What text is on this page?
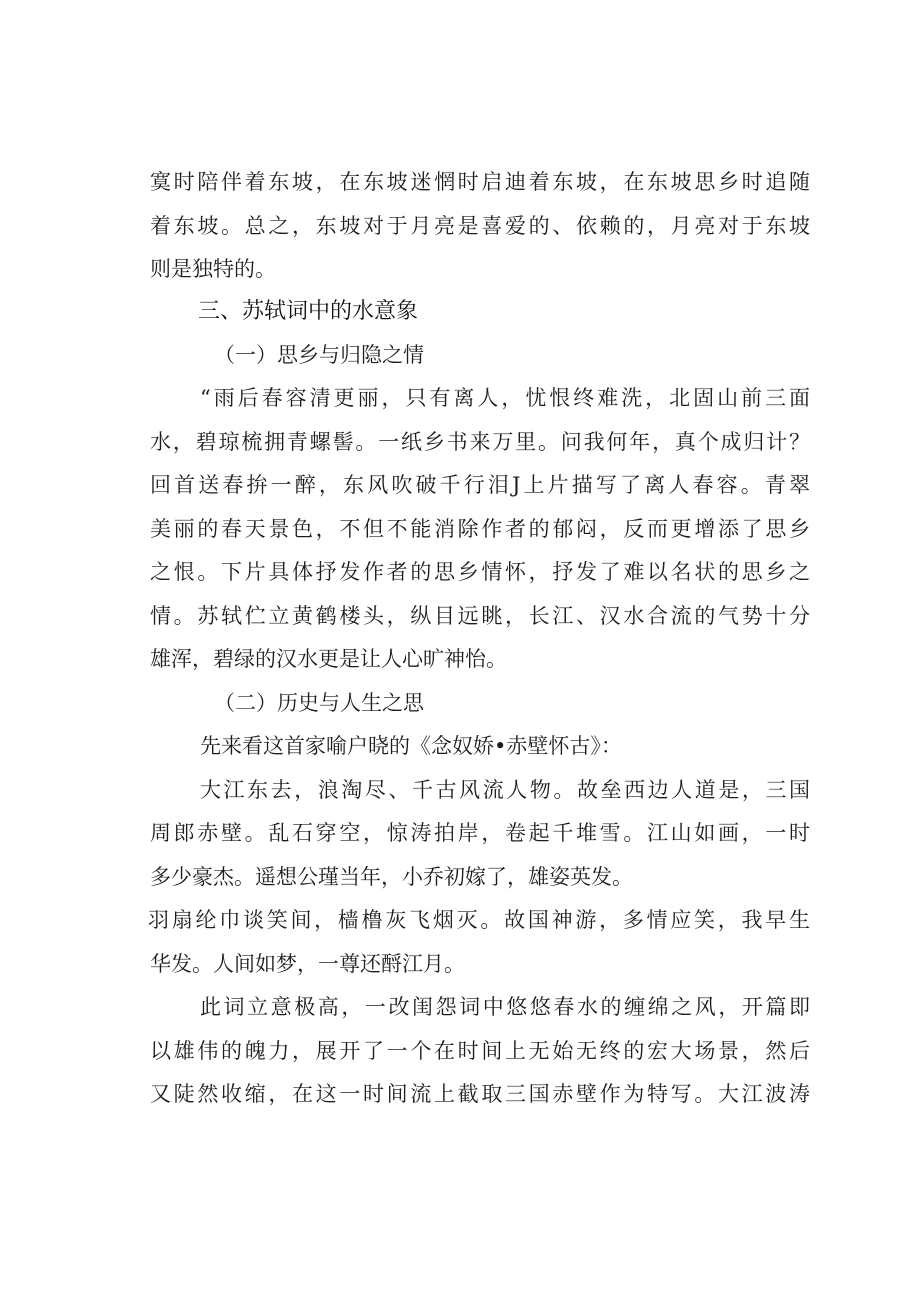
寞时陪伴着东坡，在东坡迷惘时启迪着东坡，在东坡思乡时追随
着东坡。总之，东坡对于月亮是喜爱的、依赖的，月亮对于东坡
则是独特的。
三、苏轼词中的水意象
（一）思乡与归隐之情
“雨后春容清更丽，只有离人，忧恨终难洗，北固山前三面
水，碧琼梳拥青螺髻。一纸乡书来万里。问我何年，真个成归计？
回首送春拚一醉，东风吹破千行泪J上片描写了离人春容。青翠
美丽的春天景色，不但不能消除作者的郁闷，反而更增添了思乡
之恨。下片具体抒发作者的思乡情怀，抒发了难以名状的思乡之
情。苏轼伫立黄鹤楼头，纵目远眺，长江、汉水合流的气势十分
雄浑，碧绿的汉水更是让人心旷神怡。
（二）历史与人生之思
先来看这首家喻户晓的《念奴娇•赤壁怀古》：
大江东去，浪淘尽、千古风流人物。故垒西边人道是，三国
周郎赤壁。乱石穿空，惊涛拍岸，卷起千堆雪。江山如画，一时
多少豪杰。遥想公瑾当年，小乔初嫁了，雄姿英发。
羽扇纶巾谈笑间，樯橹灰飞烟灭。故国神游，多情应笑，我早生
华发。人间如梦，一尊还酹江月。
此词立意极高，一改闺怨词中悠悠春水的缠绵之风，开篇即
以雄伟的魄力，展开了一个在时间上无始无终的宏大场景，然后
又陡然收缩，在这一时间流上截取三国赤壁作为特写。大江波涛
